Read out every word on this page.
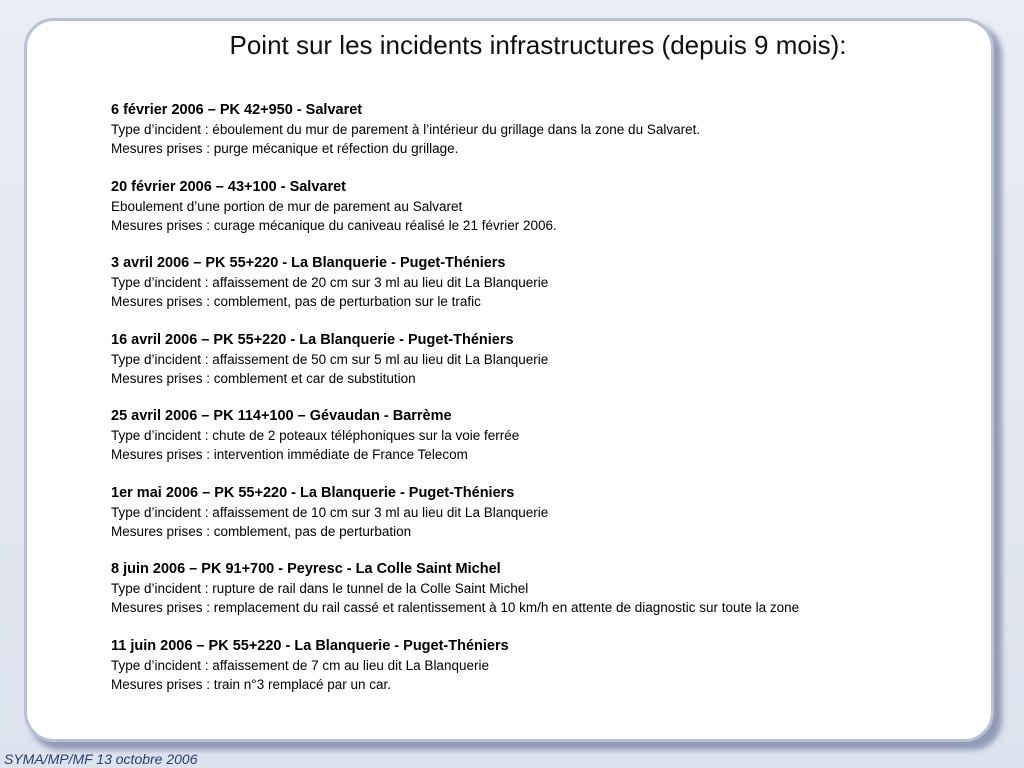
Point sur les incidents infrastructures (depuis 9 mois):
6 février 2006 – PK 42+950 - Salvaret
Type d’incident : éboulement du mur de parement à l’intérieur du grillage dans la zone du Salvaret.
Mesures prises : purge mécanique et réfection du grillage.
20 février 2006 – 43+100 - Salvaret
Eboulement d’une portion de mur de parement au Salvaret
Mesures prises : curage mécanique du caniveau réalisé le 21 février 2006.
3 avril 2006 – PK 55+220 - La Blanquerie - Puget-Théniers
Type d’incident : affaissement de 20 cm sur 3 ml au lieu dit La Blanquerie
Mesures prises : comblement, pas de perturbation sur le trafic
16 avril 2006 – PK 55+220 - La Blanquerie - Puget-Théniers
Type d’incident : affaissement de 50 cm sur 5 ml au lieu dit La Blanquerie
Mesures prises : comblement et car de substitution
25 avril 2006 – PK 114+100 – Gévaudan - Barrème
Type d’incident : chute de 2 poteaux téléphoniques sur la voie ferrée
Mesures prises : intervention immédiate de France Telecom
1er mai 2006 – PK 55+220 - La Blanquerie - Puget-Théniers
Type d’incident : affaissement de 10 cm sur 3 ml au lieu dit La Blanquerie
Mesures prises : comblement, pas de perturbation
8 juin 2006 – PK 91+700 - Peyresc - La Colle Saint Michel
Type d’incident : rupture de rail dans le tunnel de la Colle Saint Michel
Mesures prises : remplacement du rail cassé et ralentissement à 10 km/h en attente de diagnostic sur toute la zone
11 juin 2006 – PK 55+220 - La Blanquerie - Puget-Théniers
Type d’incident : affaissement de 7 cm au lieu dit La Blanquerie
Mesures prises : train n°3 remplacé par un car.
SYMA/MP/MF 13 octobre 2006
